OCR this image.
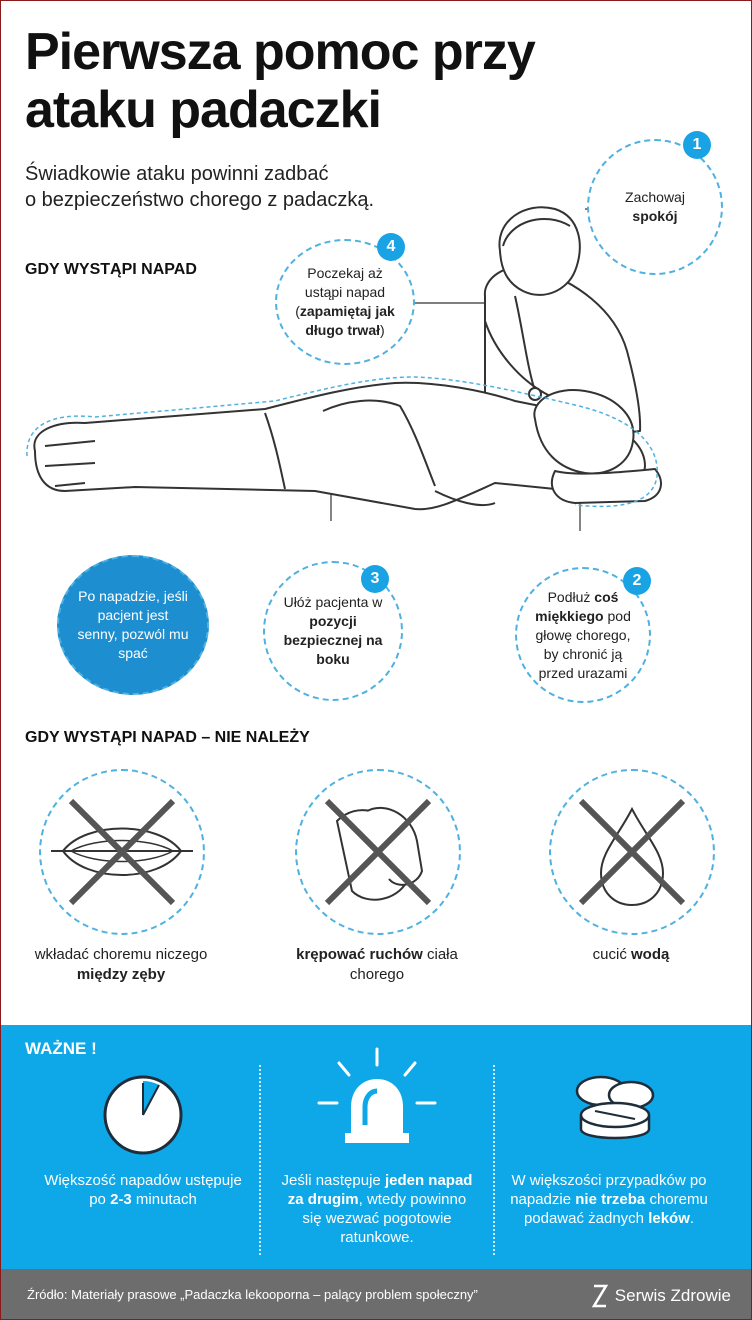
Pierwsza pomoc przy
ataku padaczki
Świadkowie ataku powinni zadbać
o bezpieczeństwo chorego z padaczką.
GDY WYSTĄPI NAPAD
Zachowaj
spokój
1
Poczekaj aż ustąpi napad (zapamiętaj jak długo trwał)
4
Po napadzie, jeśli pacjent jest senny, pozwól mu spać
Ułóż pacjenta w pozycji bezpiecznej na boku
3
Podłuż coś miękkiego pod głowę chorego, by chronić ją przed urazami
2
GDY WYSTĄPI NAPAD – NIE NALEŻY
wkładać choremu niczego między zęby
krępować ruchów ciała chorego
cucić wodą
WAŻNE !
Większość napadów ustępuje po 2-3 minutach
Jeśli następuje jeden napad za drugim, wtedy powinno się wezwać pogotowie ratunkowe.
W większości przypadków po napadzie nie trzeba choremu podawać żadnych leków.
Źródło: Materiały prasowe „Padaczka lekooporna – palący problem społeczny”	Serwis Zdrowie
